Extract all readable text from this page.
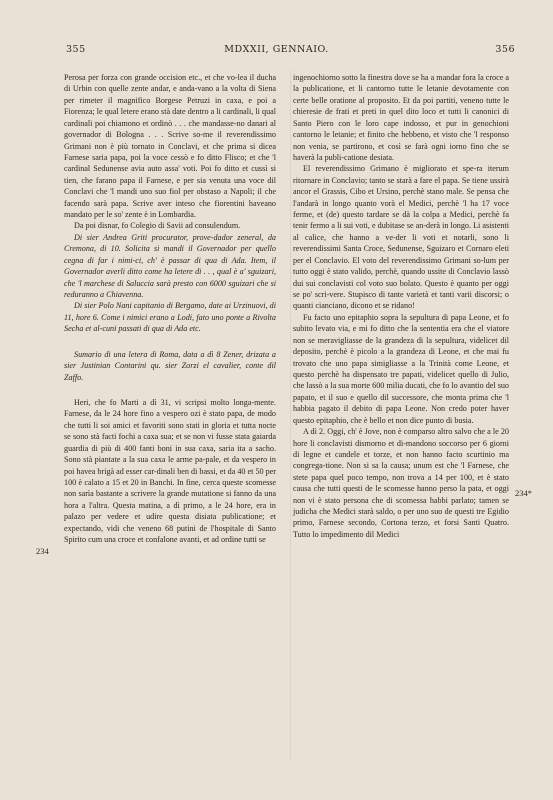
355	MDXXII, GENNAIO.	356

Perosa per forza con grande occision etc., et che vo-lea il ducha di Urbin con quelle zente andar, e anda-vano a la volta di Siena per rimeter il magnifico Borgese Petruzi in caxa, e poi a Fiorenza; le qual letere erano stà date dentro a li cardinali, li qual cardinali poi chiamono et ordinò . . . che mandasse-no danari al governador di Bologna . . . Scrive so-me il reverendissimo Grimani non è più tornato in Conclavi, et che prima si dicea Farnese saria papa, poi la voce cessò e fo ditto Flisco; et che 'l cardinal Sedunense avia auto assa' voti. Poi fo ditto et cussì si tien, che farano papa il Farnese, e per sia venuta una voce dil Conclavi che 'l mandi uno suo fiol per obstaso a Napoli; il che facendo sarà papa. Scrive aver inteso che fiorentini haveano mandato per le so' zente è in Lombardia.

Da poi disnar, fo Colegio di Savii ad consulendum.

Di sier Andrea Griti procurator, prove-dador zeneral, da Cremona, di 10. Solicita si mandi il Governador per quello cegna di far i nimi-ci, ch' è passar di qua di Ada. Item, il Governador averli ditto come ha letere di . . , qual è a' sguizari, che 'l marchese di Saluccia sarà presto con 6000 sguizari che si reduranno a Chiavenna.

Di sier Polo Nani capitanio di Bergamo, date ai Urzinuovi, di 11, hore 6. Come i nimici erano a Lodi, fato uno ponte a Rivolta Secha et al-cuni passati di qua di Ada etc.

Sumario di una letera di Roma, data a dì 8 Zener, drizata a sier Justinian Contarini qu. sier Zorzi el cavalier, conte dil Zaffo.

Heri, che fo Marti a dì 31, vi scripsi molto longa-mente. Farnese, da le 24 hore fino a vespero ozi è stato papa, de modo che tutti li soi amici et favoriti sono stati in gloria et tutta nocte se sono stà facti fochi a caxa sua; et se non vi fusse stata gaiarda guardia di più di 400 fanti boni in sua caxa, saria ita a sacho. Sono stà piantate a la sua caxa le arme pa-pale, et da vespero in poi havea brigà ad esser car-dinali ben di bassi, et da 40 et 50 per 100 è calato a 15 et 20 in Banchi. In fine, cerca queste scomesse non sarìa bastante a scrivere la grande mutatione si fanno da una hora a l'altra. Questa matina, a dì primo, a le 24 hore, era in palazo per vedere et udire questa disiata publicatione; et expectando, vidi che veneno 68 putini de l'hospitale di Santo Spirito cum una croce et confalone avanti, et ad ordine tutti se

ingenochiorno sotto la finestra dove se ha a mandar fora la croce a la publicatione, et li cantorno tutte le letanie devotamente con certe belle oratione al proposito. Et da poi partiti, veneno tutte le chieresie de frati et preti in quel dito loco et tutti li canonici di Santo Piero con le loro cape indosso, et pur in genochioni cantorno le letanie; et finito che hebbeno, et visto che 'l responso non venia, se partirono, et così se farà ogni iorno fino che se haverà la publi-catione desiata.

El reverendissimo Grimano è migliorato et spe-ra iterum ritornare in Conclavio; tanto se starà a fare el papa. Se tiene ussirà ancor el Grassis, Cibo et Ursino, perchè stano male. Se pensa che l'andarà in longo quanto vorà el Medici, perchè 'l ha 17 voce ferme, et (de) questo tardare se dà la colpa a Medici, perchè fa tenir fermo a li sui voti, e dubitase se an-derà in longo. Li asistenti al calice, che hanno a ve-der li voti et notarli, sono li reverendissimi Santa Croce, Sedunense, Sguizaro et Cornaro eleti per el Conclavio. El voto del reverendissimo Grimani so-lum per tutto oggi è stato valido, perchè, quando ussite di Conclavio lassò dui sui conclavisti col voto suo bolato. Questo è quanto per oggi se po' scri-vere. Stupisco di tante varietà et tanti varii discorsi; o quanti cianciano, dicono et se ridano!

Fu facto uno epitaphio sopra la sepultura di papa Leone, et fo subito levato via, e mi fo ditto che la sententia era che el viatore non se meravigliasse de la grandeza di la sepultura, videlicet dil deposito, perchè è picolo a la grandeza di Leone, et che mai fu trovato che uno papa simigliasse a la Trinità come Leone, et questo perchè ha dispensato tre papati, videlicet quello di Julio, che lassò a la sua morte 600 milia ducati, che fo lo avantio del suo papato, et il suo e quello dil successore, che monta prima che 'l habbia pagato il debito di papa Leone. Non credo poter haver questo epitaphio, che è bello et non dice punto di busia.

A dì 2. Oggi, ch' è Jove, non è comparso altro salvo che a le 20 hore li conclavisti dismorno et di-mandono soccorso per 6 giorni di legne et candele et torze, et non hanno facto scurtinio ma congrega-tione. Non si sa la causa; unum est che 'l Farnese, che stete papa quel poco tempo, non trova a 14 per 100, et è stato causa che tutti questi de le scomesse hanno perso la pata, et oggi non vi è stato persona che di scomessa habbi parlato; tamen se judicha che Medici starà saldo, o per uno suo de questi tre Egidio primo, Farnese secondo, Cortona terzo, et forsi Santi Quatro. Tutto lo impedimento dil Medici

234
234*
